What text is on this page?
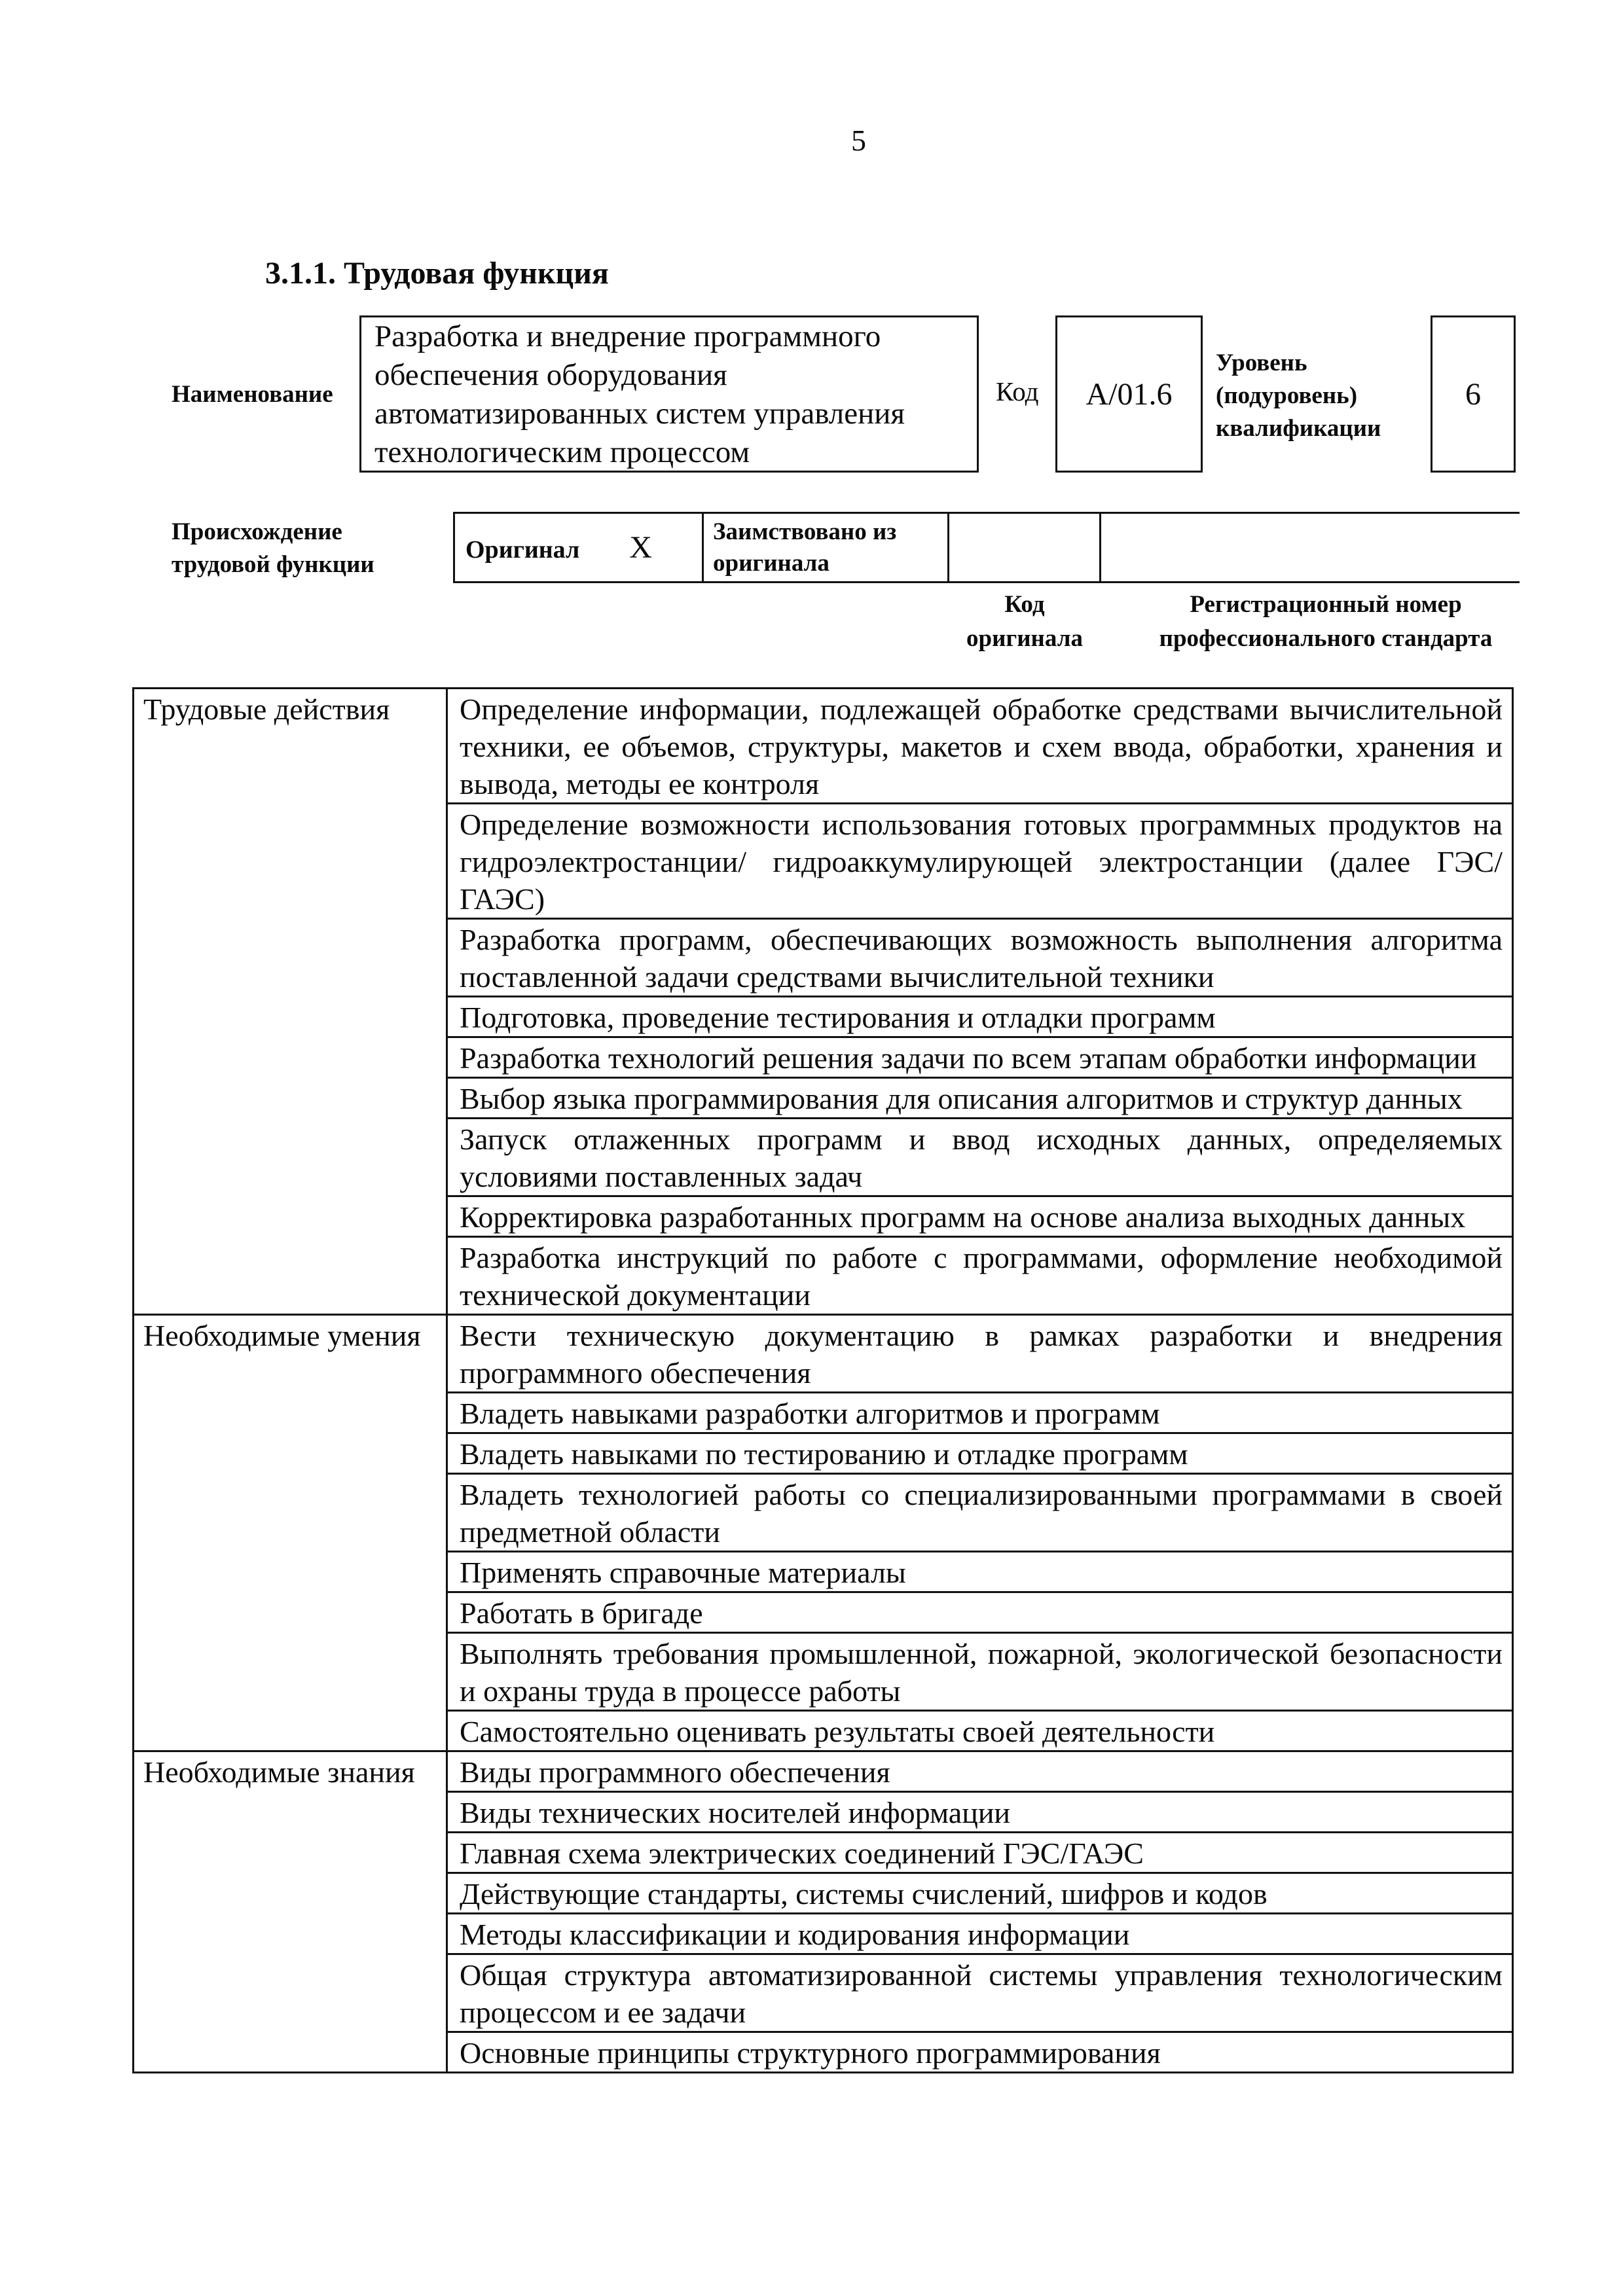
5
3.1.1. Трудовая функция
Наименование
Разработка и внедрение программного обеспечения оборудования автоматизированных систем управления технологическим процессом
Код	A/01.6
Уровень
(подуровень)
квалификации
6
Происхождение
трудовой функции
Оригинал X	Заимствовано из
оригинала

Код
оригинала
Регистрационный номер
профессионального стандарта
Трудовые действия	Определение информации, подлежащей обработке средствами вычислительной техники, ее объемов, структуры, макетов и схем ввода, обработки, хранения и вывода, методы ее контроля
	Определение возможности использования готовых программных продуктов на гидроэлектростанции/ гидроаккумулирующей электростанции (далее ГЭС/ГАЭС)
	Разработка программ, обеспечивающих возможность выполнения алгоритма поставленной задачи средствами вычислительной техники
	Подготовка, проведение тестирования и отладки программ
	Разработка технологий решения задачи по всем этапам обработки информации
	Выбор языка программирования для описания алгоритмов и структур данных
	Запуск отлаженных программ и ввод исходных данных, определяемых условиями поставленных задач
	Корректировка разработанных программ на основе анализа выходных данных
	Разработка инструкций по работе с программами, оформление необходимой технической документации
Необходимые умения	Вести техническую документацию в рамках разработки и внедрения программного обеспечения
	Владеть навыками разработки алгоритмов и программ
	Владеть навыками по тестированию и отладке программ
	Владеть технологией работы со специализированными программами в своей предметной области
	Применять справочные материалы
	Работать в бригаде
	Выполнять требования промышленной, пожарной, экологической безопасности и охраны труда в процессе работы
	Самостоятельно оценивать результаты своей деятельности
Необходимые знания	Виды программного обеспечения
	Виды технических носителей информации
	Главная схема электрических соединений ГЭС/ГАЭС
	Действующие стандарты, системы счислений, шифров и кодов
	Методы классификации и кодирования информации
	Общая структура автоматизированной системы управления технологическим процессом и ее задачи
	Основные принципы структурного программирования
